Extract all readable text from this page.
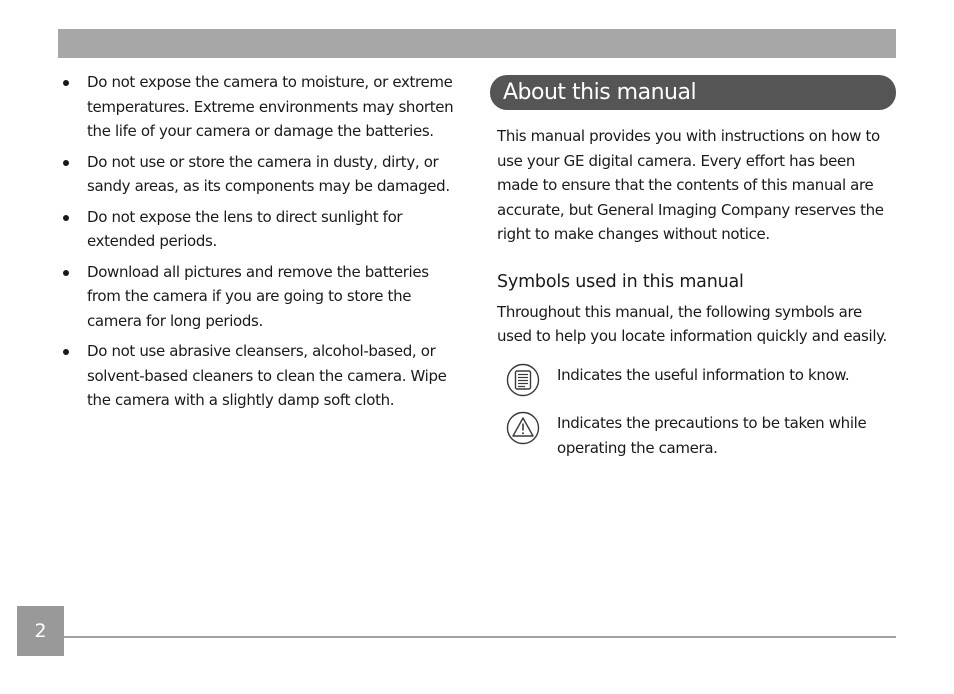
Do not expose the camera to moisture, or extreme temperatures. Extreme environments may shorten the life of your camera or damage the batteries.
Do not use or store the camera in dusty, dirty, or sandy areas, as its components may be damaged.
Do not expose the lens to direct sunlight for extended periods.
Download all pictures and remove the batteries from the camera if you are going to store the camera for long periods.
Do not use abrasive cleansers, alcohol-based, or solvent-based cleaners to clean the camera. Wipe the camera with a slightly damp soft cloth.
About this manual

This manual provides you with instructions on how to use your GE digital camera. Every effort has been made to ensure that the contents of this manual are accurate, but General Imaging Company reserves the right to make changes without notice.

Symbols used in this manual

Throughout this manual, the following symbols are used to help you locate information quickly and easily.

Indicates the useful information to know.
Indicates the precautions to be taken while operating the camera.
2
